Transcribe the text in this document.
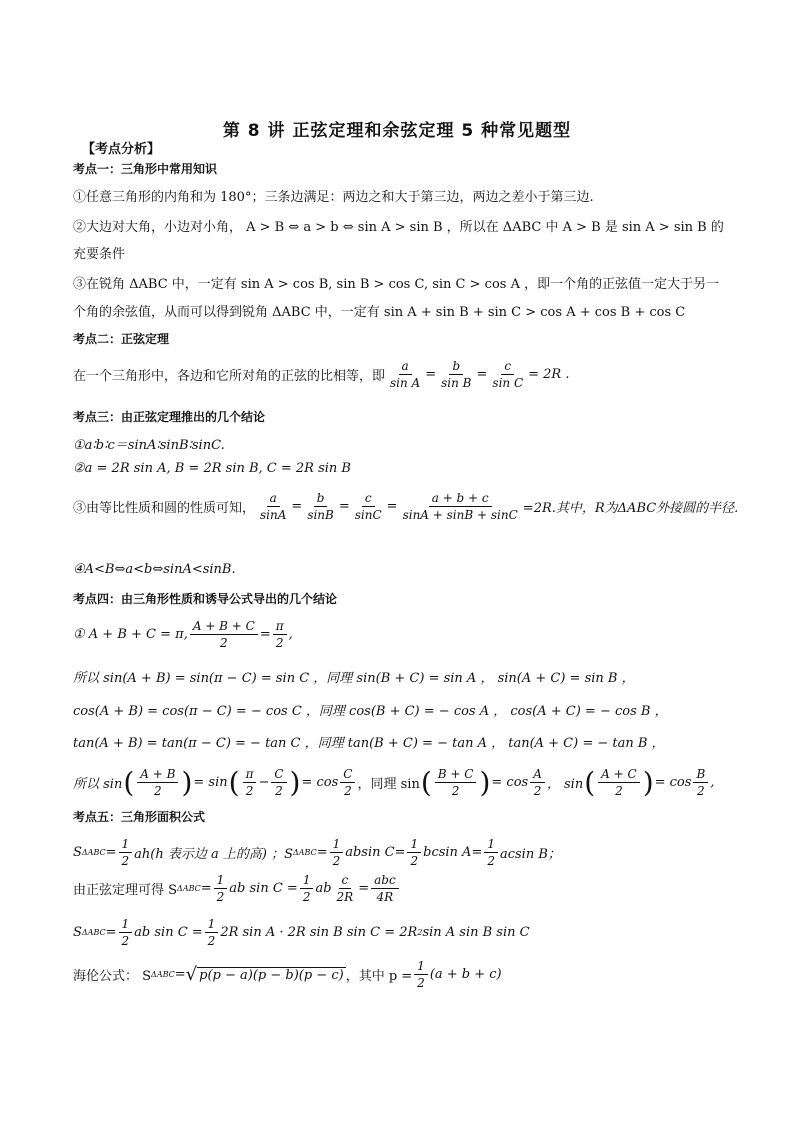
第 8 讲 正弦定理和余弦定理 5 种常见题型
【考点分析】
考点一：三角形中常用知识
①任意三角形的内角和为 180°；三条边满足：两边之和大于第三边，两边之差小于第三边.
②大边对大角，小边对小角， A > B ⇔ a > b ⇔ sin A > sin B ，所以在 ΔABC 中 A > B 是 sin A > sin B 的
充要条件
③在锐角 ΔABC 中，一定有 sin A > cos B, sin B > cos C, sin C > cos A ，即一个角的正弦值一定大于另一
个角的余弦值，从而可以得到锐角 ΔABC 中，一定有 sin A + sin B + sin C > cos A + cos B + cos C
考点二：正弦定理
在一个三角形中，各边和它所对角的正弦的比相等，即 $\frac{a}{\text{sin A}} = \frac{b}{\text{sin B}} = \frac{c}{\text{sin C}} = 2R$ .
考点三：由正弦定理推出的几个结论
①a∶b∶c＝sinA∶sinB∶sinC.
②a = 2R sin A, B = 2R sin B, C = 2R sin B
③由等比性质和圆的性质可知， $\frac{a}{\sin A} = \frac{b}{\sin B} = \frac{c}{\sin C} = \frac{a + b + c}{\sin A + \sin B + \sin C} =2R$.其中，R为ΔABC外接圆的半径.
④A<B⇔a<b⇔sinA<sinB.
考点四：由三角形性质和诱导公式导出的几个结论
① A + B + C = π, $\frac{A + B + C}{2} = \frac{\pi}{2}$ ,
所以 sin(A + B) = sin(π − C) = sin C ，同理 sin(B + C) = sin A ， sin(A + C) = sin B ，
cos(A + B) = cos(π − C) = − cos C ，同理 cos(B + C) = − cos A ， cos(A + C) = − cos B ，
tan(A + B) = tan(π − C) = − tan C ，同理 tan(B + C) = − tan A ， tan(A + C) = − tan B ，
所以 sin ( $\frac{A + B}{2}$ ) = sin ( $\frac{\pi}{2} - \frac{C}{2}$ ) = $\cos \frac{C}{2}$ ，同理 sin ( $\frac{B + C}{2}$ ) = $\cos \frac{A}{2}$ ， sin ( $\frac{A + C}{2}$ ) = $\cos \frac{B}{2}$ ,
考点五：三角形面积公式
S $\Delta ABC = \frac{1}{2} ah(h$ 表示边 a 上的高) ；S $\Delta ABC = \frac{1}{2}$ absin $C= \frac{1}{2}$ bcsin $A= \frac{1}{2}$ acsin B；
由正弦定理可得 S $\Delta ABC = \frac{1}{2}$ ab $\sin C = \frac{1}{2}$ ab $\frac{c}{2R} = \frac{\text{abc}}{4R}$
S $\Delta ABC = \frac{1}{2}$ ab $\sin C = \frac{1}{2} 2R$ sin A · 2R sin B sin C = 2R 2 sin A sin B sin C
海伦公式： S ΔABC = √ p(p − a)(p − b)(p − c) ，其中 $p = \frac{1}{2} (a + b + c)$
